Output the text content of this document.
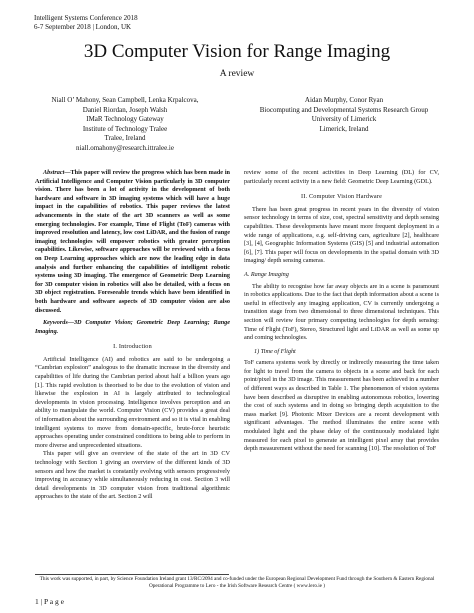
Intelligent Systems Conference 2018
6-7 September 2018 | London, UK
3D Computer Vision for Range Imaging
A review
Niall O’ Mahony, Sean Campbell, Lenka Krpalcova,
Daniel Riordan, Joseph Walsh
IMaR Technology Gateway
Institute of Technology Tralee
Tralee, Ireland
niall.omahony@research.ittralee.ie
Aidan Murphy, Conor Ryan
Biocomputing and Developmental Systems Research Group
University of Limerick
Limerick, Ireland

Abstract—This paper will review the progress which has been made in Artificial Intelligence and Computer Vision particularly in 3D computer vision. There has been a lot of activity in the development of both hardware and software in 3D imaging systems which will have a huge impact in the capabilities of robotics. This paper reviews the latest advancements in the state of the art 3D scanners as well as some emerging technologies. For example, Time of Flight (ToF) cameras with improved resolution and latency, low cost LiDAR, and the fusion of range imaging technologies will empower robotics with greater perception capabilities. Likewise, software approaches will be reviewed with a focus on Deep Learning approaches which are now the leading edge in data analysis and further enhancing the capabilities of intelligent robotic systems using 3D imaging. The emergence of Geometric Deep Learning for 3D computer vision in robotics will also be detailed, with a focus on 3D object registration. Foreseeable trends which have been identified in both hardware and software aspects of 3D computer vision are also discussed.

Keywords—3D Computer Vision; Geometric Deep Learning; Range Imaging.

I. Introduction

Artificial Intelligence (AI) and robotics are said to be undergoing a “Cambrian explosion” analogous to the dramatic increase in the diversity and capabilities of life during the Cambrian period about half a billion years ago [1]. This rapid evolution is theorised to be due to the evolution of vision and likewise the explosion in AI is largely attributed to technological developments in vision processing. Intelligence involves perception and an ability to manipulate the world. Computer Vision (CV) provides a great deal of information about the surrounding environment and so it is vital in enabling intelligent systems to move from domain-specific, brute-force heuristic approaches operating under constrained conditions to being able to perform in more diverse and unprecedented situations.

This paper will give an overview of the state of the art in 3D CV technology with Section 1 giving an overview of the different kinds of 3D sensors and how the market is constantly evolving with sensors progressively improving in accuracy while simultaneously reducing in cost. Section 3 will detail developments in 3D computer vision from traditional algorithmic approaches to the state of the art. Section 2 will

review some of the recent activities in Deep Learning (DL) for CV, particularly recent activity in a new field: Geometric Deep Learning (GDL).

II. Computer Vision Hardware

There has been great progress in recent years in the diversity of vision sensor technology in terms of size, cost, spectral sensitivity and depth sensing capabilities. These developments have meant more frequent deployment in a wide range of applications, e.g. self-driving cars, agriculture [2], healthcare [3], [4], Geographic Information Systems (GIS) [5] and industrial automation [6], [7]. This paper will focus on developments in the spatial domain with 3D imaging/ depth sensing cameras.

A. Range Imaging

The ability to recognise how far away objects are in a scene is paramount in robotics applications. Due to the fact that depth information about a scene is useful in effectively any imaging application, CV is currently undergoing a transition stage from two dimensional to three dimensional techniques. This section will review four primary competing technologies for depth sensing: Time of Flight (ToF), Stereo, Structured light and LiDAR as well as some up and coming technologies.

1) Time of Flight

ToF camera systems work by directly or indirectly measuring the time taken for light to travel from the camera to objects in a scene and back for each point/pixel in the 3D image. This measurement has been achieved in a number of different ways as described in Table 1. The phenomenon of vision systems have been described as disruptive in enabling autonomous robotics, lowering the cost of such systems and in doing so bringing depth acquisition to the mass market [9]. Photonic Mixer Devices are a recent development with significant advantages. The method illuminates the entire scene with modulated light and the phase delay of the continuously modulated light measured for each pixel to generate an intelligent pixel array that provides depth measurement without the need for scanning [10]. The resolution of ToF

This work was supported, in part, by Science Foundation Ireland grant 13/RC/2094 and co-funded under the European Regional Development Fund through the Southern & Eastern Regional Operational Programme to Lero - the Irish Software Research Centre ( www.lero.ie )
1 | P a g e
